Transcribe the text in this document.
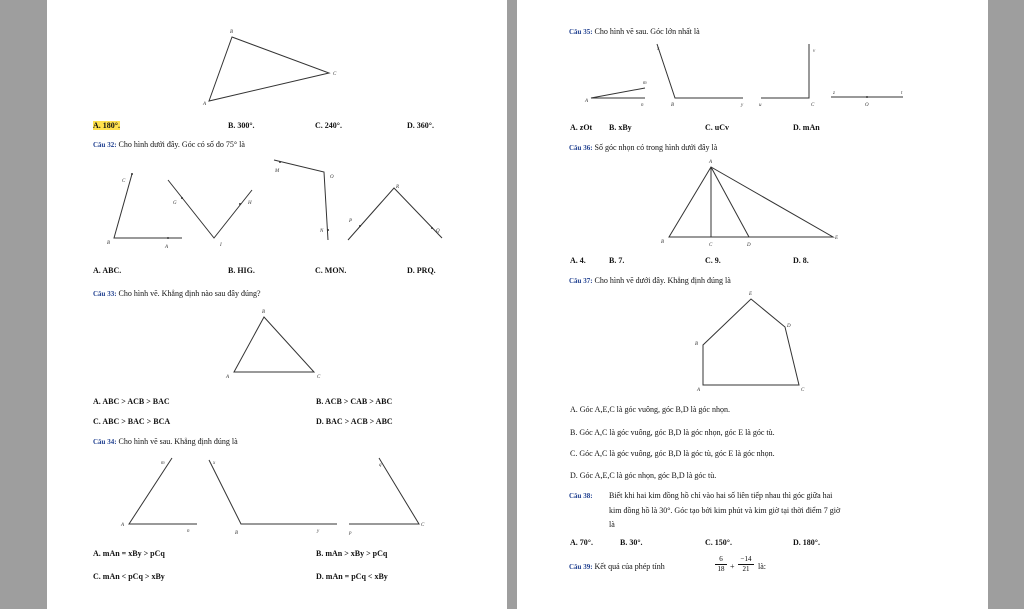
B
C
A
A. 180°.	B. 300°.	C. 240°.	D. 360°.
Câu 32: Cho hình dưới đây. Góc có số đo 75° là
C
B
A
G	H
I
M
O
N
R
P
Q
A. ABC.	B. HIG.	C. MON.	D. PRQ.
Câu 33: Cho hình vẽ. Khẳng định nào sau đây đúng?
B
A	C
A. ABC > ACB > BAC	B. ACB > CAB > ABC
C. ABC > BAC > BCA	D. BAC > ACB > ABC
Câu 34: Cho hình vẽ sau. Khẳng định đúng là
m
A
n
x
B	y
q
p
C
A. mAn = xBy > pCq	B. mAn > xBy > pCq
C. mAn < pCq > xBy	D. mAn = pCq < xBy
Câu 35: Cho hình vẽ sau. Góc lớn nhất là
m
A
n
x
B	y
v
u	C
z
O
t
A. zOt B. xBy	C. uCv	D. mAn
Câu 36: Số góc nhọn có trong hình dưới đây là
A
B
C	D
E
A. 4.	B. 7.	C. 9.	D. 8.
Câu 37: Cho hình vẽ dưới đây. Khẳng định đúng là
E
D
B
A	C
A. Góc A,E,C là góc vuông, góc B,D là góc nhọn.
B. Góc A,C là góc vuông, góc B,D là góc nhọn, góc E là góc tù.
C. Góc A,C là góc vuông, góc B,D là góc tù, góc E là góc nhọn.
D. Góc A,E,C là góc nhọn, góc B,D là góc tù.
Câu 38: Biết khi hai kim đồng hồ chỉ vào hai số liên tiếp nhau thì góc giữa hai
kim đồng hồ là 30°. Góc tạo bởi kim phút và kim giờ tại thời điểm 7 giờ
là
A. 70°.	B. 30°.	C. 150°.	D. 180°.
Câu 39: Kết quả của phép tính	$\frac{6}{18} + \frac{-14}{21}$ là:
